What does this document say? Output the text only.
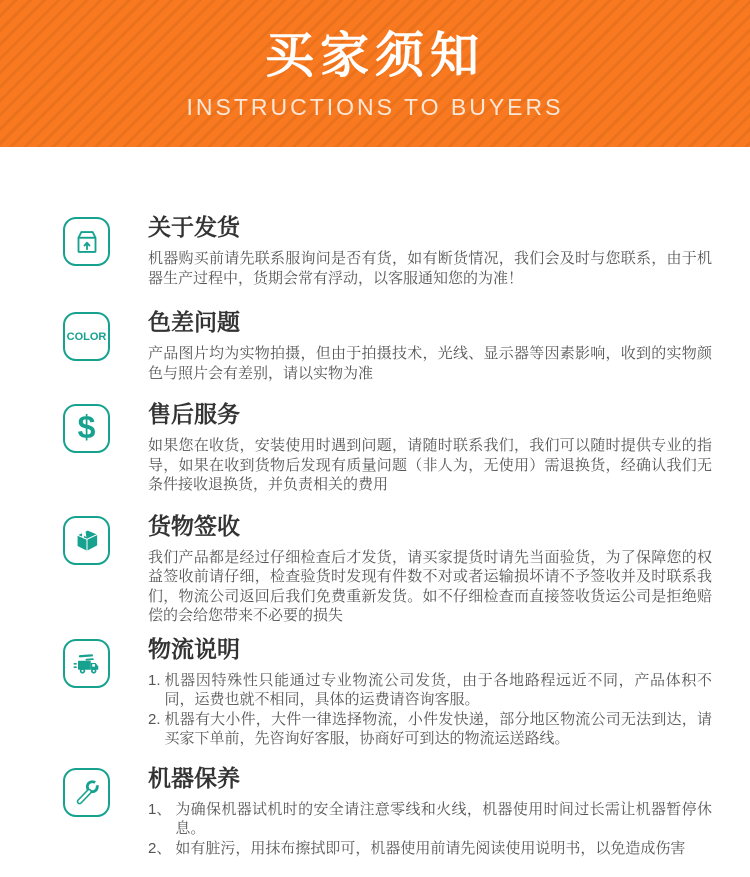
买家须知
INSTRUCTIONS TO BUYERS
关于发货
机器购买前请先联系服询问是否有货，如有断货情况，我们会及时与您联系，由于机器生产过程中，货期会常有浮动，以客服通知您的为准！
COLOR
色差问题
产品图片均为实物拍摄，但由于拍摄技术，光线、显示器等因素影响，收到的实物颜色与照片会有差别，请以实物为准
$ 售后服务
如果您在收货，安装使用时遇到问题，请随时联系我们，我们可以随时提供专业的指导，如果在收到货物后发现有质量问题（非人为，无使用）需退换货，经确认我们无条件接收退换货，并负责相关的费用
货物签收
我们产品都是经过仔细检查后才发货，请买家提货时请先当面验货，为了保障您的权益签收前请仔细，检查验货时发现有件数不对或者运输损坏请不予签收并及时联系我们，物流公司返回后我们免费重新发货。如不仔细检查而直接签收货运公司是拒绝赔偿的会给您带来不必要的损失
物流说明
1. 机器因特殊性只能通过专业物流公司发货，由于各地路程远近不同，产品体积不同，运费也就不相同，具体的运费请咨询客服。
2. 机器有大小件，大件一律选择物流，小件发快递，部分地区物流公司无法到达，请买家下单前，先咨询好客服，协商好可到达的物流运送路线。
机器保养
1、 为确保机器试机时的安全请注意零线和火线，机器使用时间过长需让机器暂停休息。
2、 如有脏污，用抹布擦拭即可，机器使用前请先阅读使用说明书，以免造成伤害
